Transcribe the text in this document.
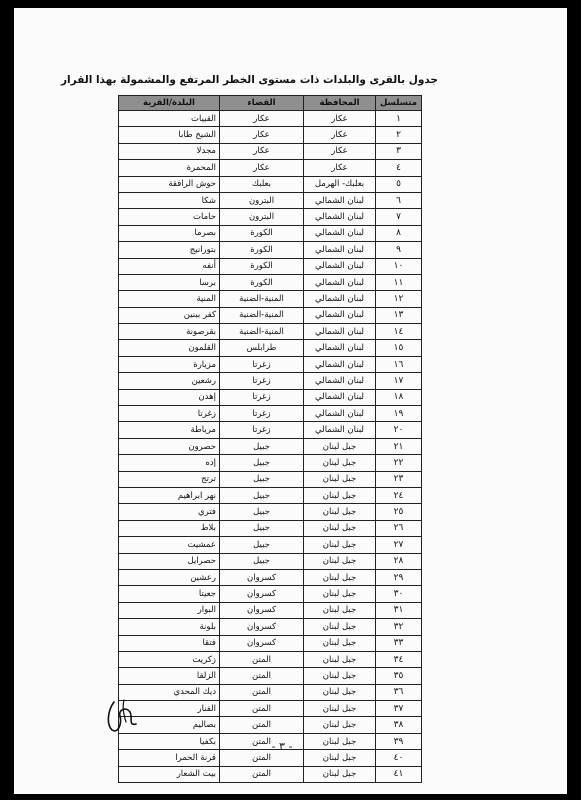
جدول بالقرى والبلدات ذات مستوى الخطر المرتفع والمشمولة بهذا القرار
متسلسل	المحافظة	القضاء	البلدة/القرية
١	عكار	عكار	القبيات
٢	عكار	عكار	الشيخ طابا
٣	عكار	عكار	مجدلا
٤	عكار	عكار	المحمرة
٥	بعلبك- الهرمل	بعلبك	حوش الرافقة
٦	لبنان الشمالي	البترون	شكا
٧	لبنان الشمالي	البترون	حامات
٨	لبنان الشمالي	الكورة	بصرما
٩	لبنان الشمالي	الكورة	بتورانيج
١٠	لبنان الشمالي	الكورة	أنفه
١١	لبنان الشمالي	الكورة	برسا
١٢	لبنان الشمالي	المنية-الضنية	المنية
١٣	لبنان الشمالي	المنية-الضنية	كفر ببنين
١٤	لبنان الشمالي	المنية-الضنية	بقرصونة
١٥	لبنان الشمالي	طرابلس	القلمون
١٦	لبنان الشمالي	زغرتا	مزيارة
١٧	لبنان الشمالي	زغرتا	رشعين
١٨	لبنان الشمالي	زغرتا	إهدن
١٩	لبنان الشمالي	زغرتا	زغرتا
٢٠	لبنان الشمالي	زغرتا	مرياطة
٢١	جبل لبنان	جبيل	حصرون
٢٢	جبل لبنان	جبيل	إده
٢٣	جبل لبنان	جبيل	ترتج
٢٤	جبل لبنان	جبيل	نهر ابراهيم
٢٥	جبل لبنان	جبيل	فتري
٢٦	جبل لبنان	جبيل	بلاط
٢٧	جبل لبنان	جبيل	عمشيت
٢٨	جبل لبنان	جبيل	حصرايل
٢٩	جبل لبنان	كسروان	رعشين
٣٠	جبل لبنان	كسروان	جعيتا
٣١	جبل لبنان	كسروان	البوار
٣٢	جبل لبنان	كسروان	بلونة
٣٣	جبل لبنان	كسروان	فتقا
٣٤	جبل لبنان	المتن	زكريت
٣٥	جبل لبنان	المتن	الزلقا
٣٦	جبل لبنان	المتن	ديك المحدي
٣٧	جبل لبنان	المتن	الفنار
٣٨	جبل لبنان	المتن	بصاليم
٣٩	جبل لبنان	المتن	بكفيا
٤٠	جبل لبنان	المتن	قرنة الحمرا
٤١	جبل لبنان	المتن	بيت الشعار
- ٣ -
